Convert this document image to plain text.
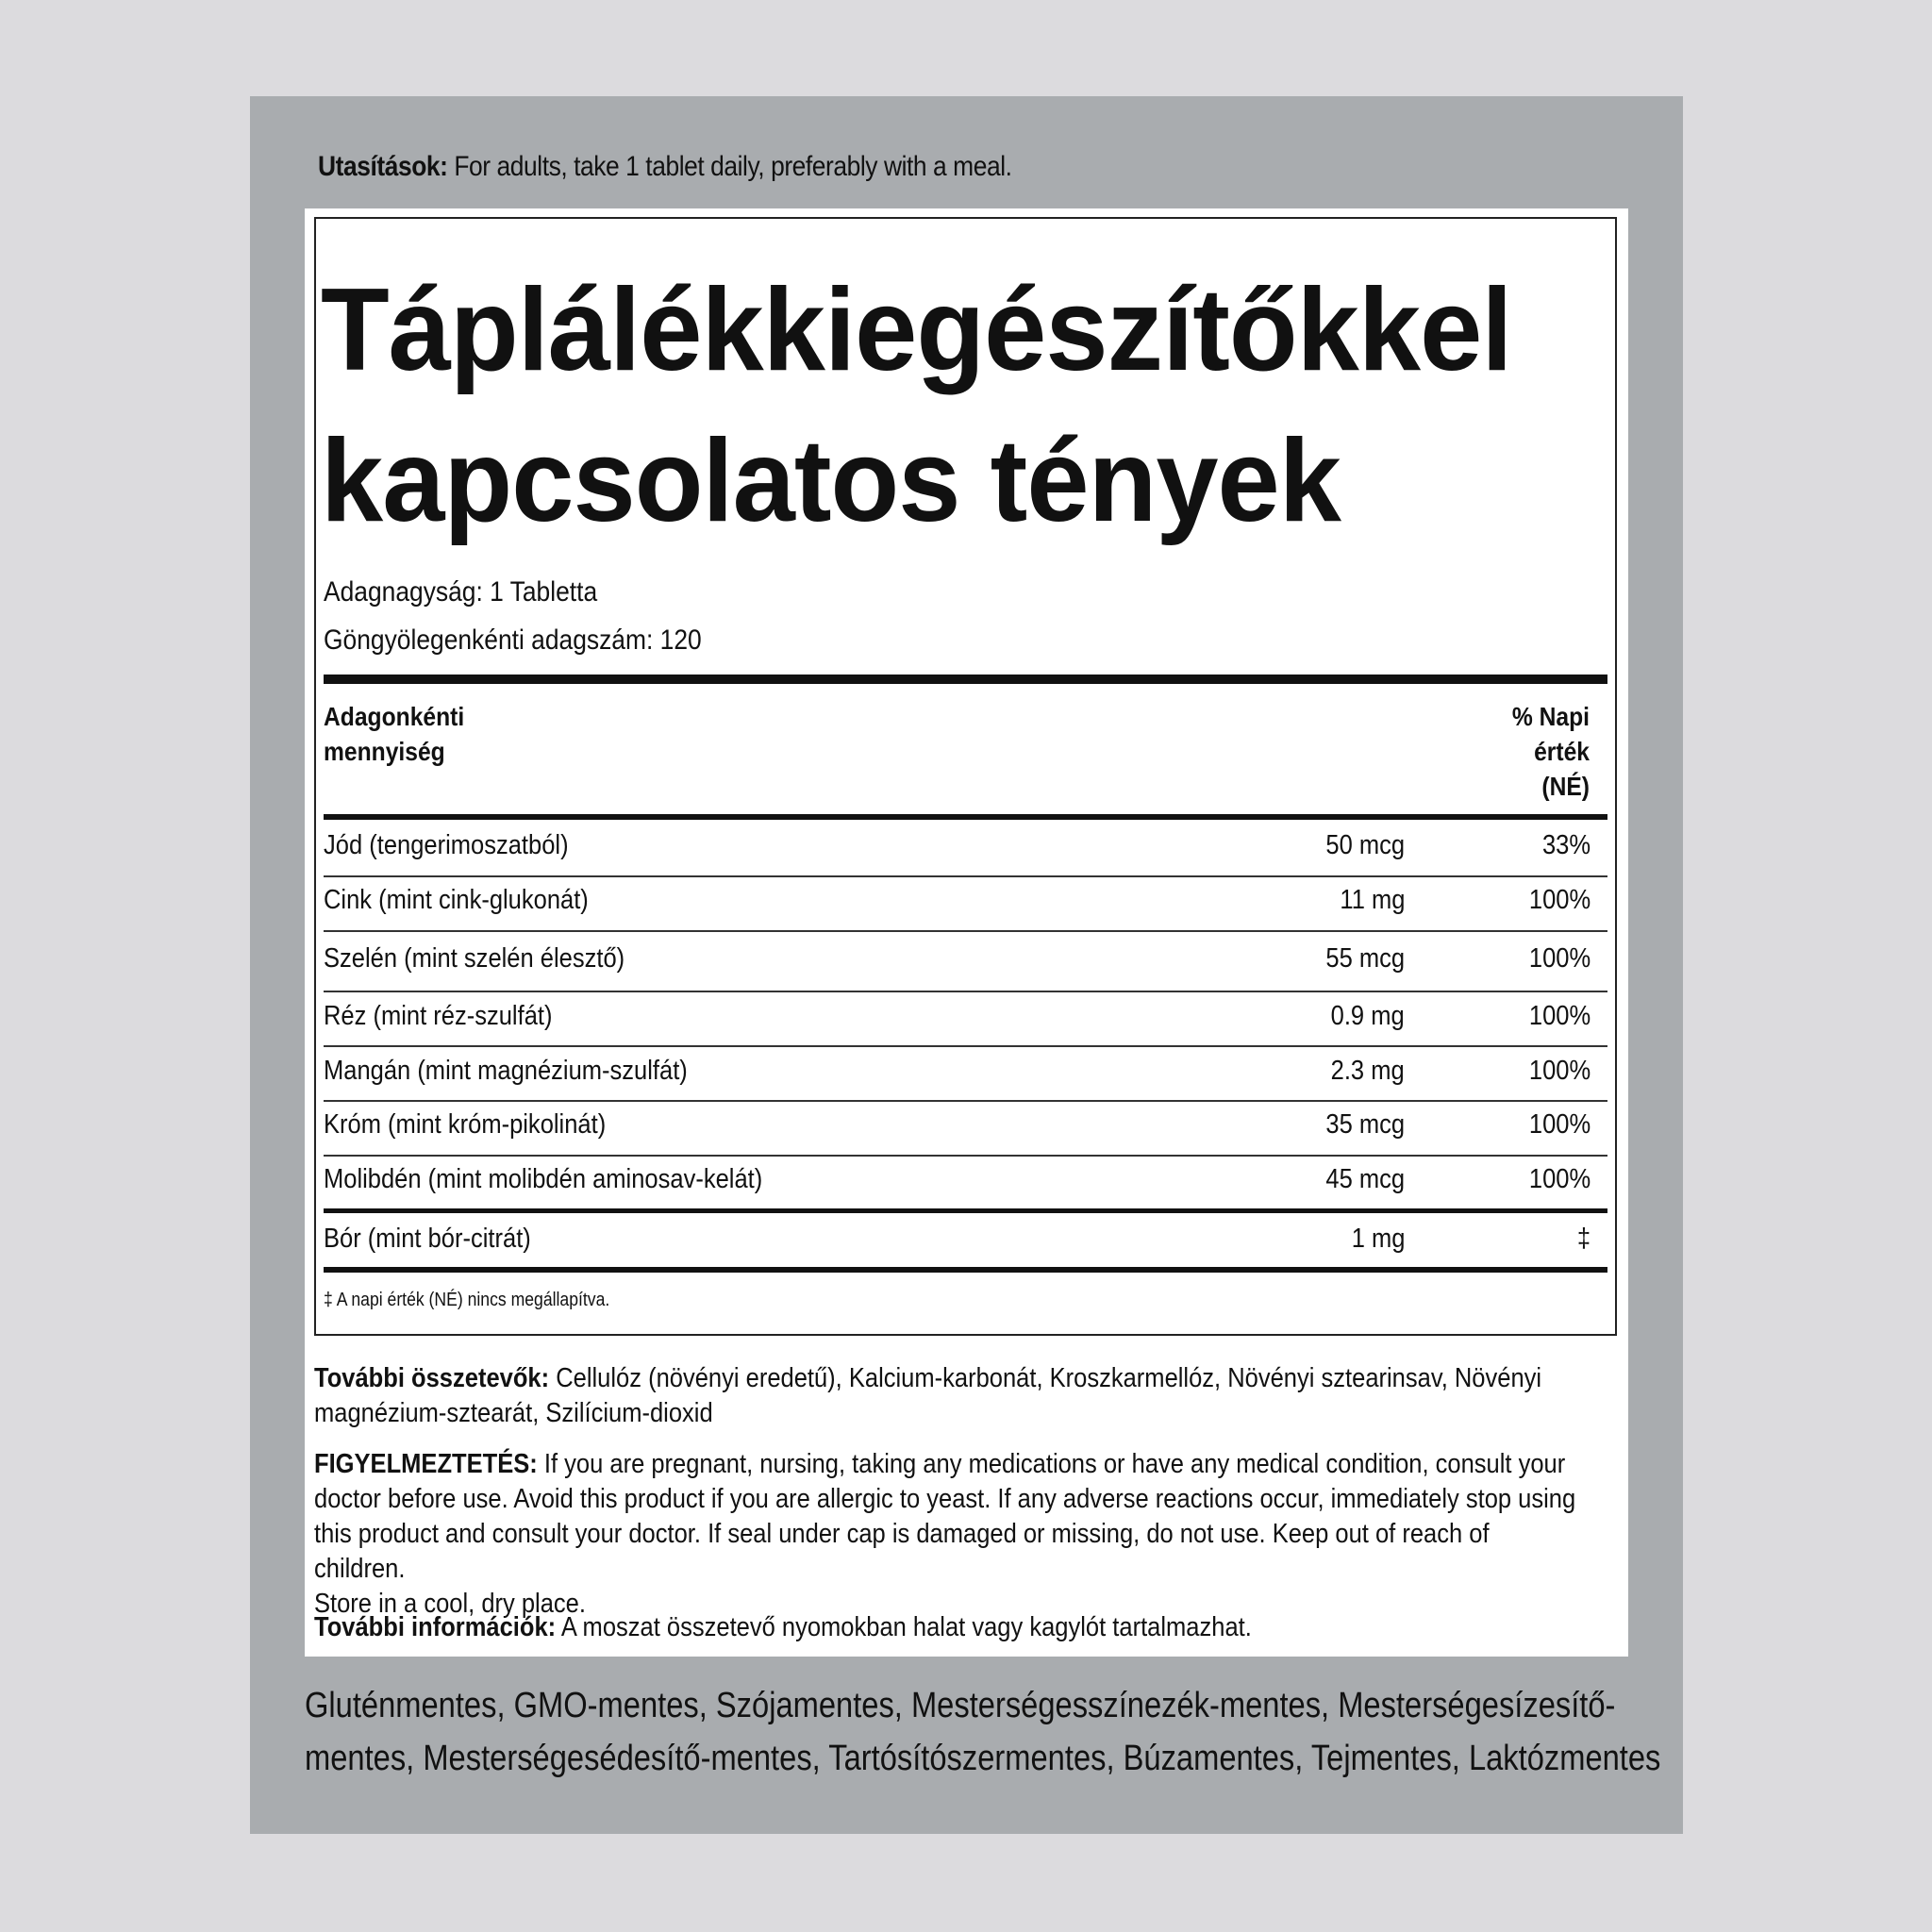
Utasítások: For adults, take 1 tablet daily, preferably with a meal.
Táplálékkiegészítőkkel
kapcsolatos tények
Adagnagyság: 1 Tabletta
Göngyölegenkénti adagszám: 120
Adagonkénti
mennyiség
% Napi
érték
(NÉ)
Jód (tengerimoszatból)	50 mcg	33%
Cink (mint cink-glukonát)	11 mg	100%
Szelén (mint szelén élesztő)	55 mcg	100%
Réz (mint réz-szulfát)	0.9 mg	100%
Mangán (mint magnézium-szulfát)	2.3 mg	100%
Króm (mint króm-pikolinát)	35 mcg	100%
Molibdén (mint molibdén aminosav-kelát)	45 mcg	100%
Bór (mint bór-citrát)	1 mg	‡
‡ A napi érték (NÉ) nincs megállapítva.
További összetevők: Cellulóz (növényi eredetű), Kalcium-karbonát, Kroszkarmellóz, Növényi sztearinsav, Növényi
magnézium-sztearát, Szilícium-dioxid
FIGYELMEZTETÉS: If you are pregnant, nursing, taking any medications or have any medical condition, consult your
doctor before use. Avoid this product if you are allergic to yeast. If any adverse reactions occur, immediately stop using
this product and consult your doctor. If seal under cap is damaged or missing, do not use. Keep out of reach of children.
Store in a cool, dry place.
További információk: A moszat összetevő nyomokban halat vagy kagylót tartalmazhat.
Gluténmentes, GMO-mentes, Szójamentes, Mesterségesszínezék-mentes, Mesterségesízesítő-
mentes, Mesterségesédesítő-mentes, Tartósítószermentes, Búzamentes, Tejmentes, Laktózmentes
